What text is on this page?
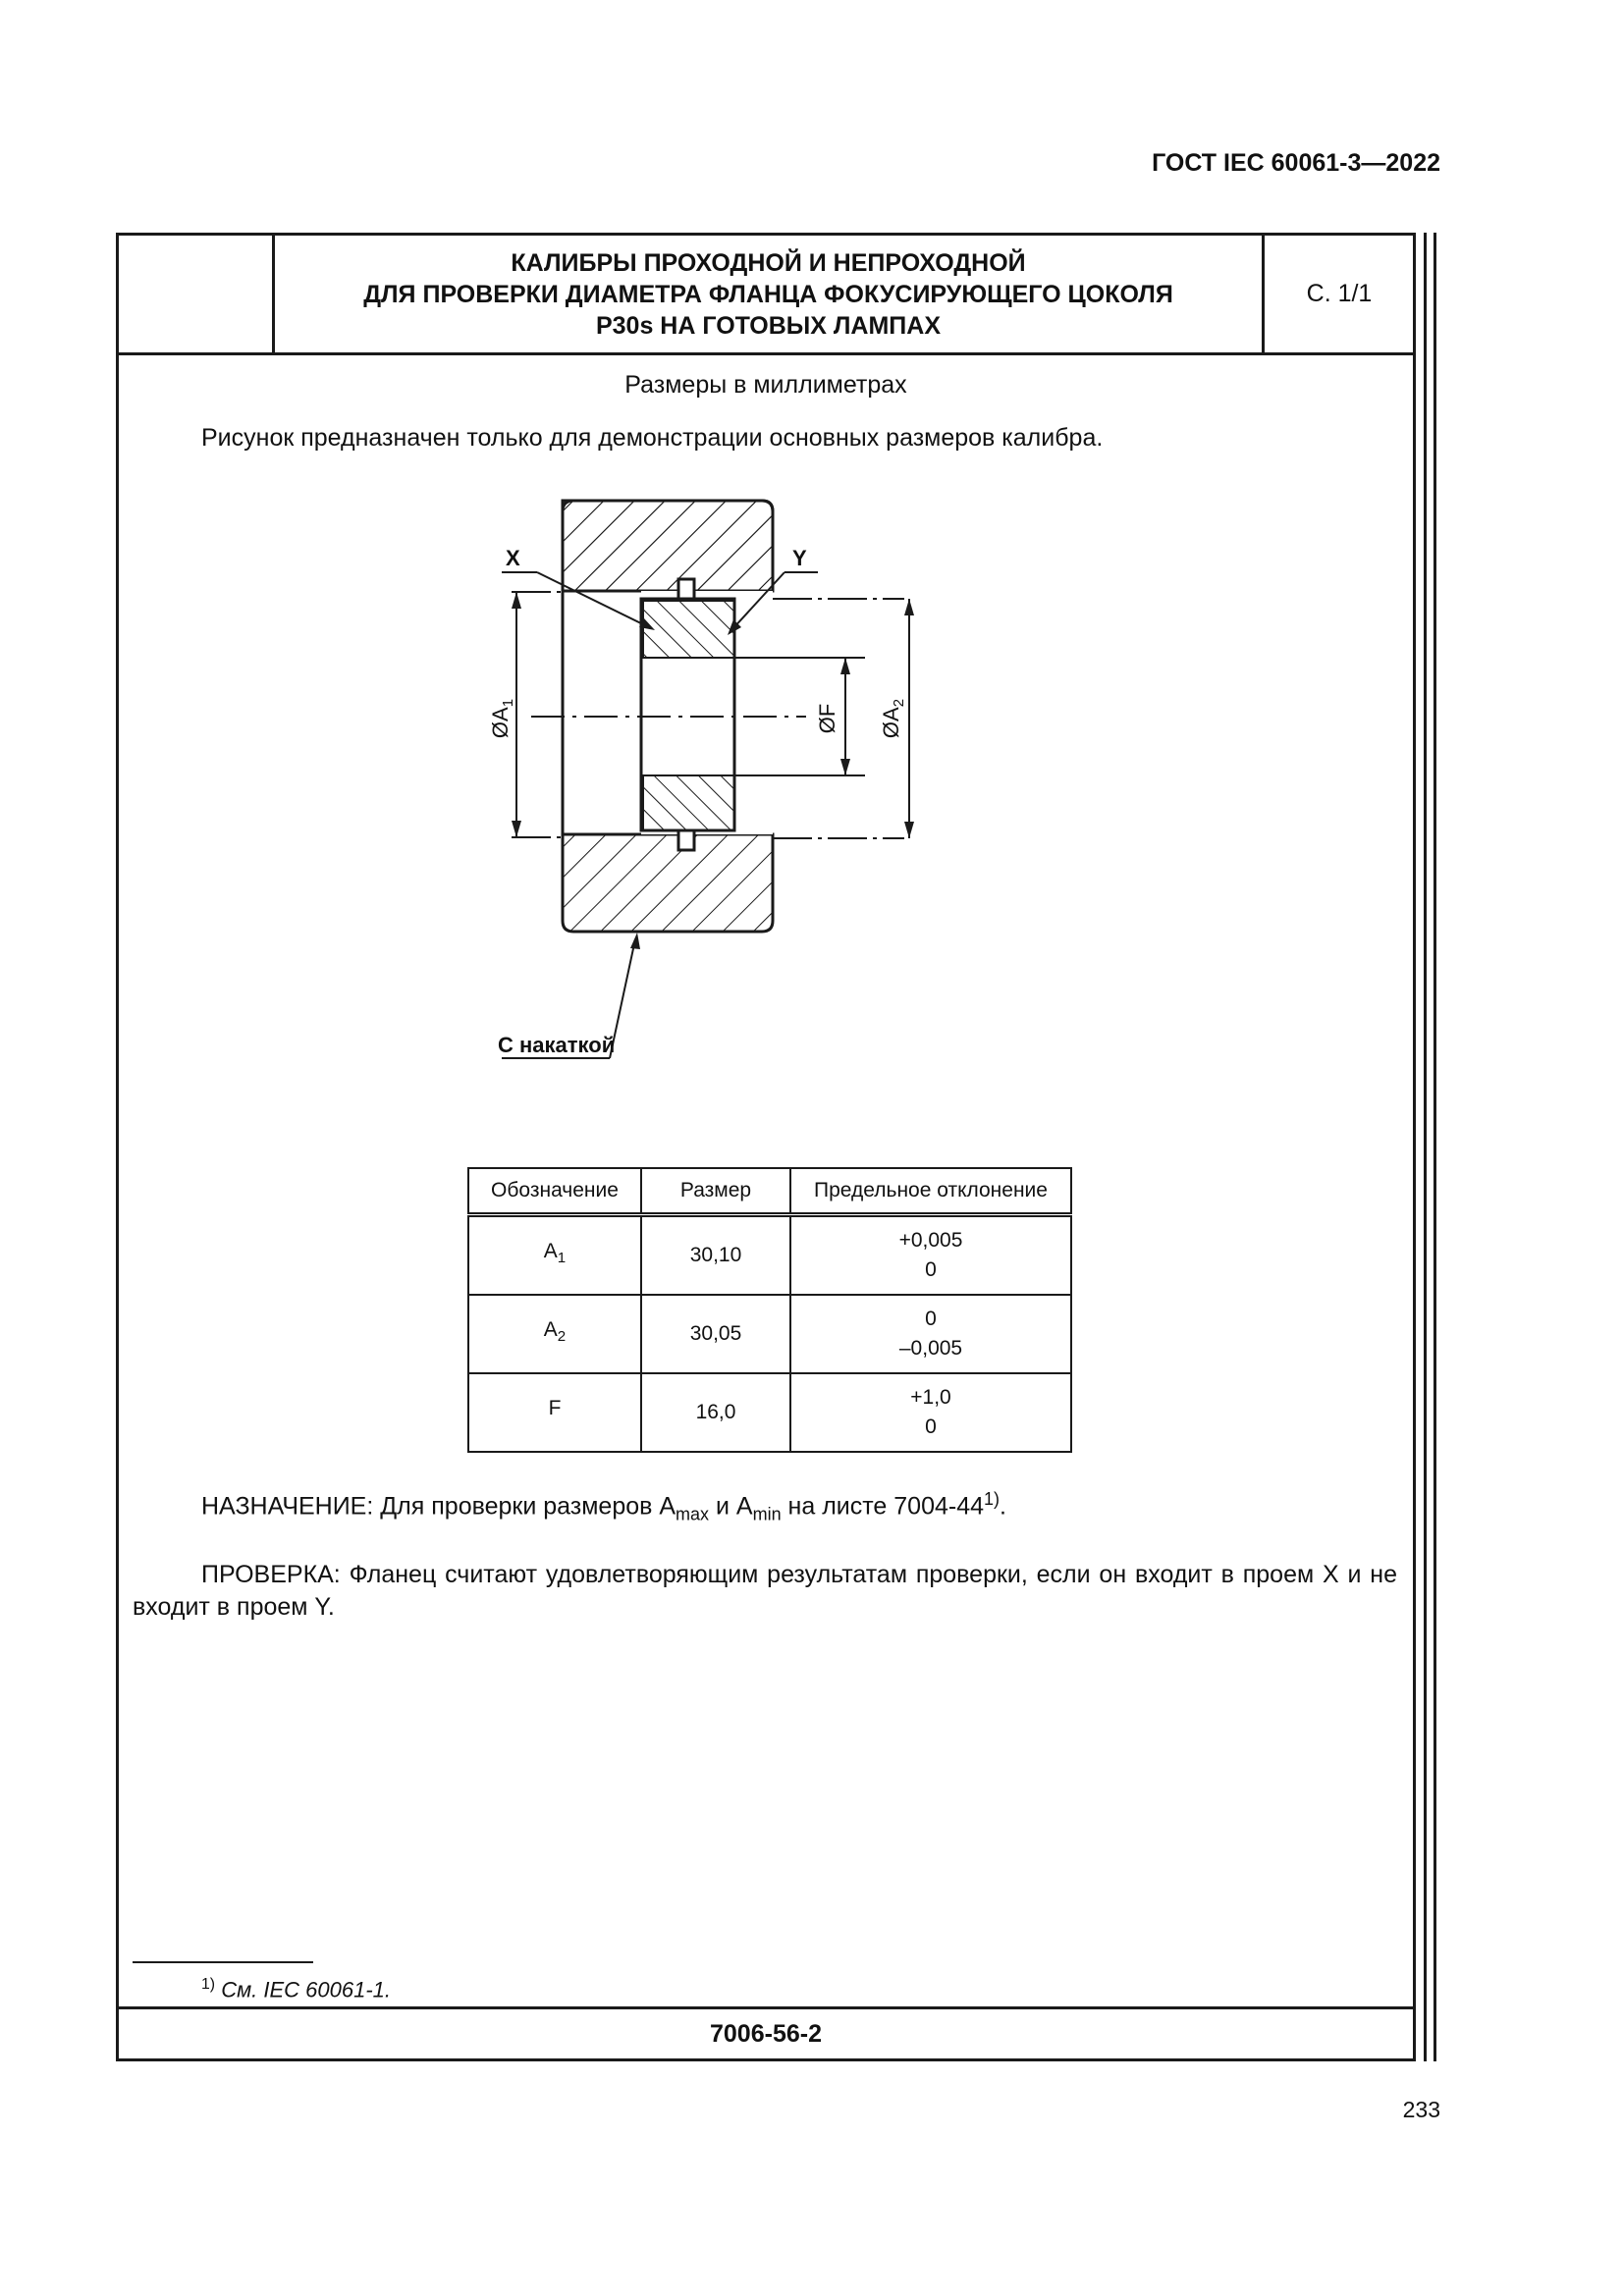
ГОСТ IEC 60061-3—2022
КАЛИБРЫ ПРОХОДНОЙ И НЕПРОХОДНОЙ
ДЛЯ ПРОВЕРКИ ДИАМЕТРА ФЛАНЦА ФОКУСИРУЮЩЕГО ЦОКОЛЯ
P30s НА ГОТОВЫХ ЛАМПАХ
С. 1/1
Размеры в миллиметрах
Рисунок предназначен только для демонстрации основных размеров калибра.
$ØA_1$
ØF $ØA_2$
X	Y
С накаткой
Обозначение	Размер	Предельное отклонение
$A_1$	30,10	+0,005
0

$A_2$	30,05	0
–0,005

F	16,0	+1,0
0
НАЗНАЧЕНИЕ: Для проверки размеров $A_{max}$ и $A_{min}$ на листе 7004-44$^{1)}$.
ПРОВЕРКА: Фланец считают удовлетворяющим результатам проверки, если он входит в проем X и не входит в проем Y.
$^{1)}$ См. IEC 60061-1.
7006-56-2
233
